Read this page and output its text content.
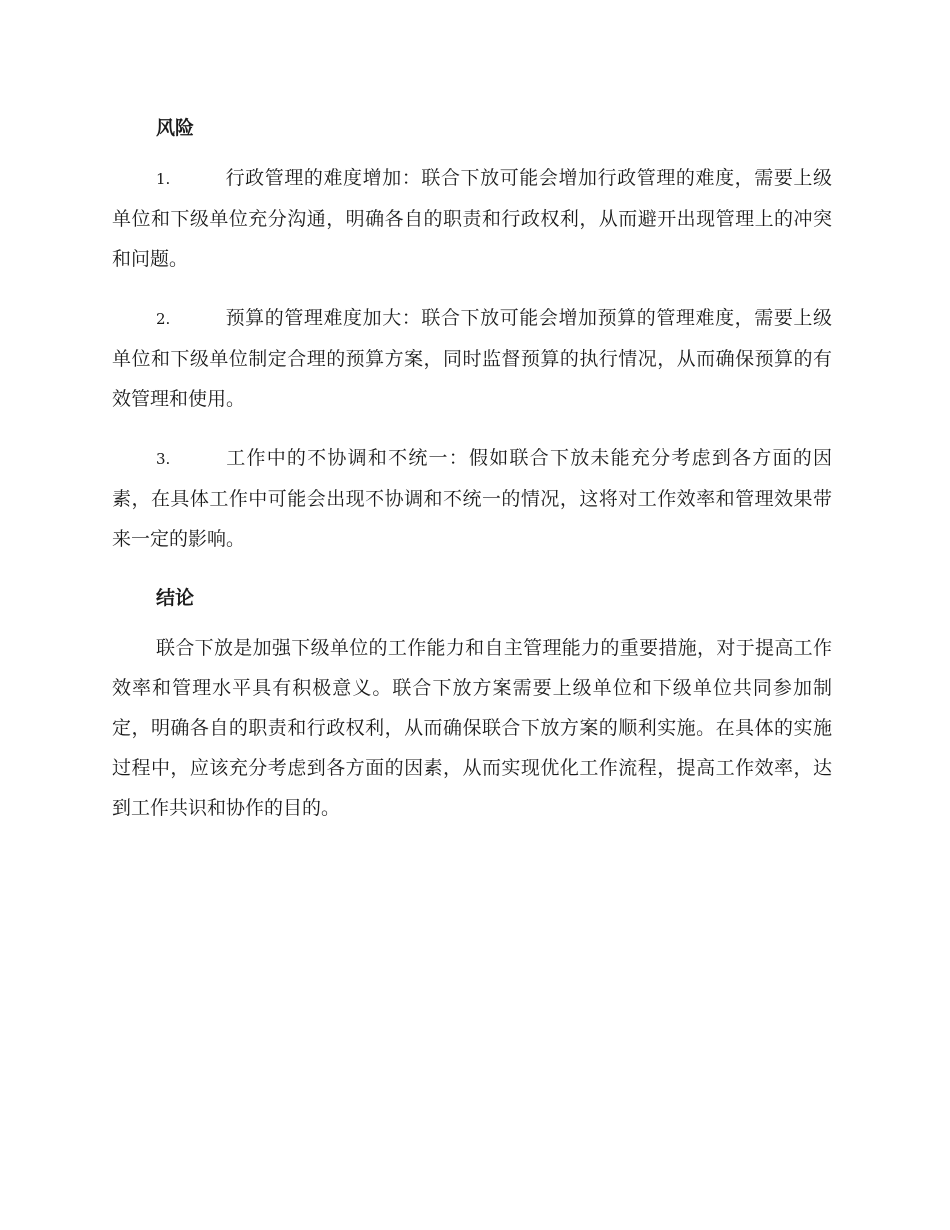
风险
1.	行政管理的难度增加：联合下放可能会增加行政管理的难度，需要上级单位和下级单位充分沟通，明确各自的职责和行政权利，从而避开出现管理上的冲突和问题。
2.	预算的管理难度加大：联合下放可能会增加预算的管理难度，需要上级单位和下级单位制定合理的预算方案，同时监督预算的执行情况，从而确保预算的有效管理和使用。
3.	工作中的不协调和不统一：假如联合下放未能充分考虑到各方面的因素，在具体工作中可能会出现不协调和不统一的情况，这将对工作效率和管理效果带来一定的影响。
结论

联合下放是加强下级单位的工作能力和自主管理能力的重要措施，对于提高工作效率和管理水平具有积极意义。联合下放方案需要上级单位和下级单位共同参加制定，明确各自的职责和行政权利，从而确保联合下放方案的顺利实施。在具体的实施过程中，应该充分考虑到各方面的因素，从而实现优化工作流程，提高工作效率，达到工作共识和协作的目的。
